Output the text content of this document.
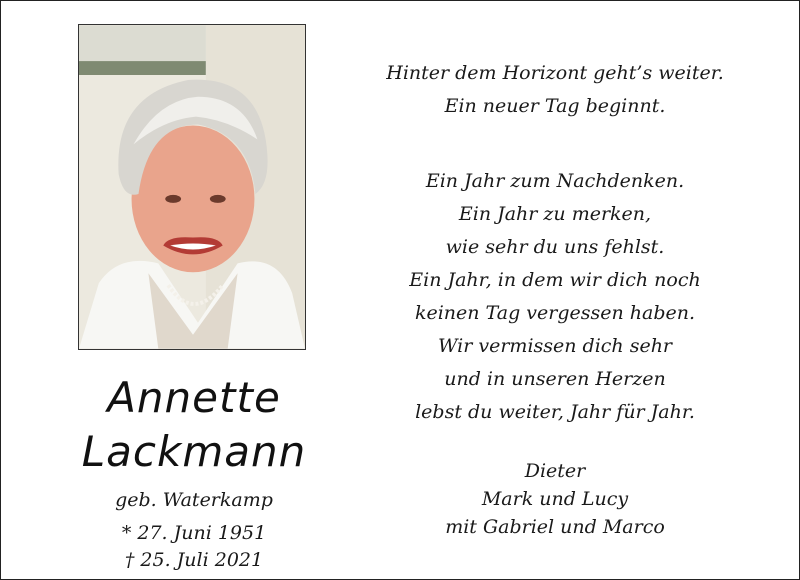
Annette
Lackmann
geb. Waterkamp
* 27. Juni 1951
† 25. Juli 2021
Hinter dem Horizont geht’s weiter.
Ein neuer Tag beginnt.
Ein Jahr zum Nachdenken.
Ein Jahr zu merken,
wie sehr du uns fehlst.
Ein Jahr, in dem wir dich noch
keinen Tag vergessen haben.
Wir vermissen dich sehr
und in unseren Herzen
lebst du weiter, Jahr für Jahr.
Dieter
Mark und Lucy
mit Gabriel und Marco
